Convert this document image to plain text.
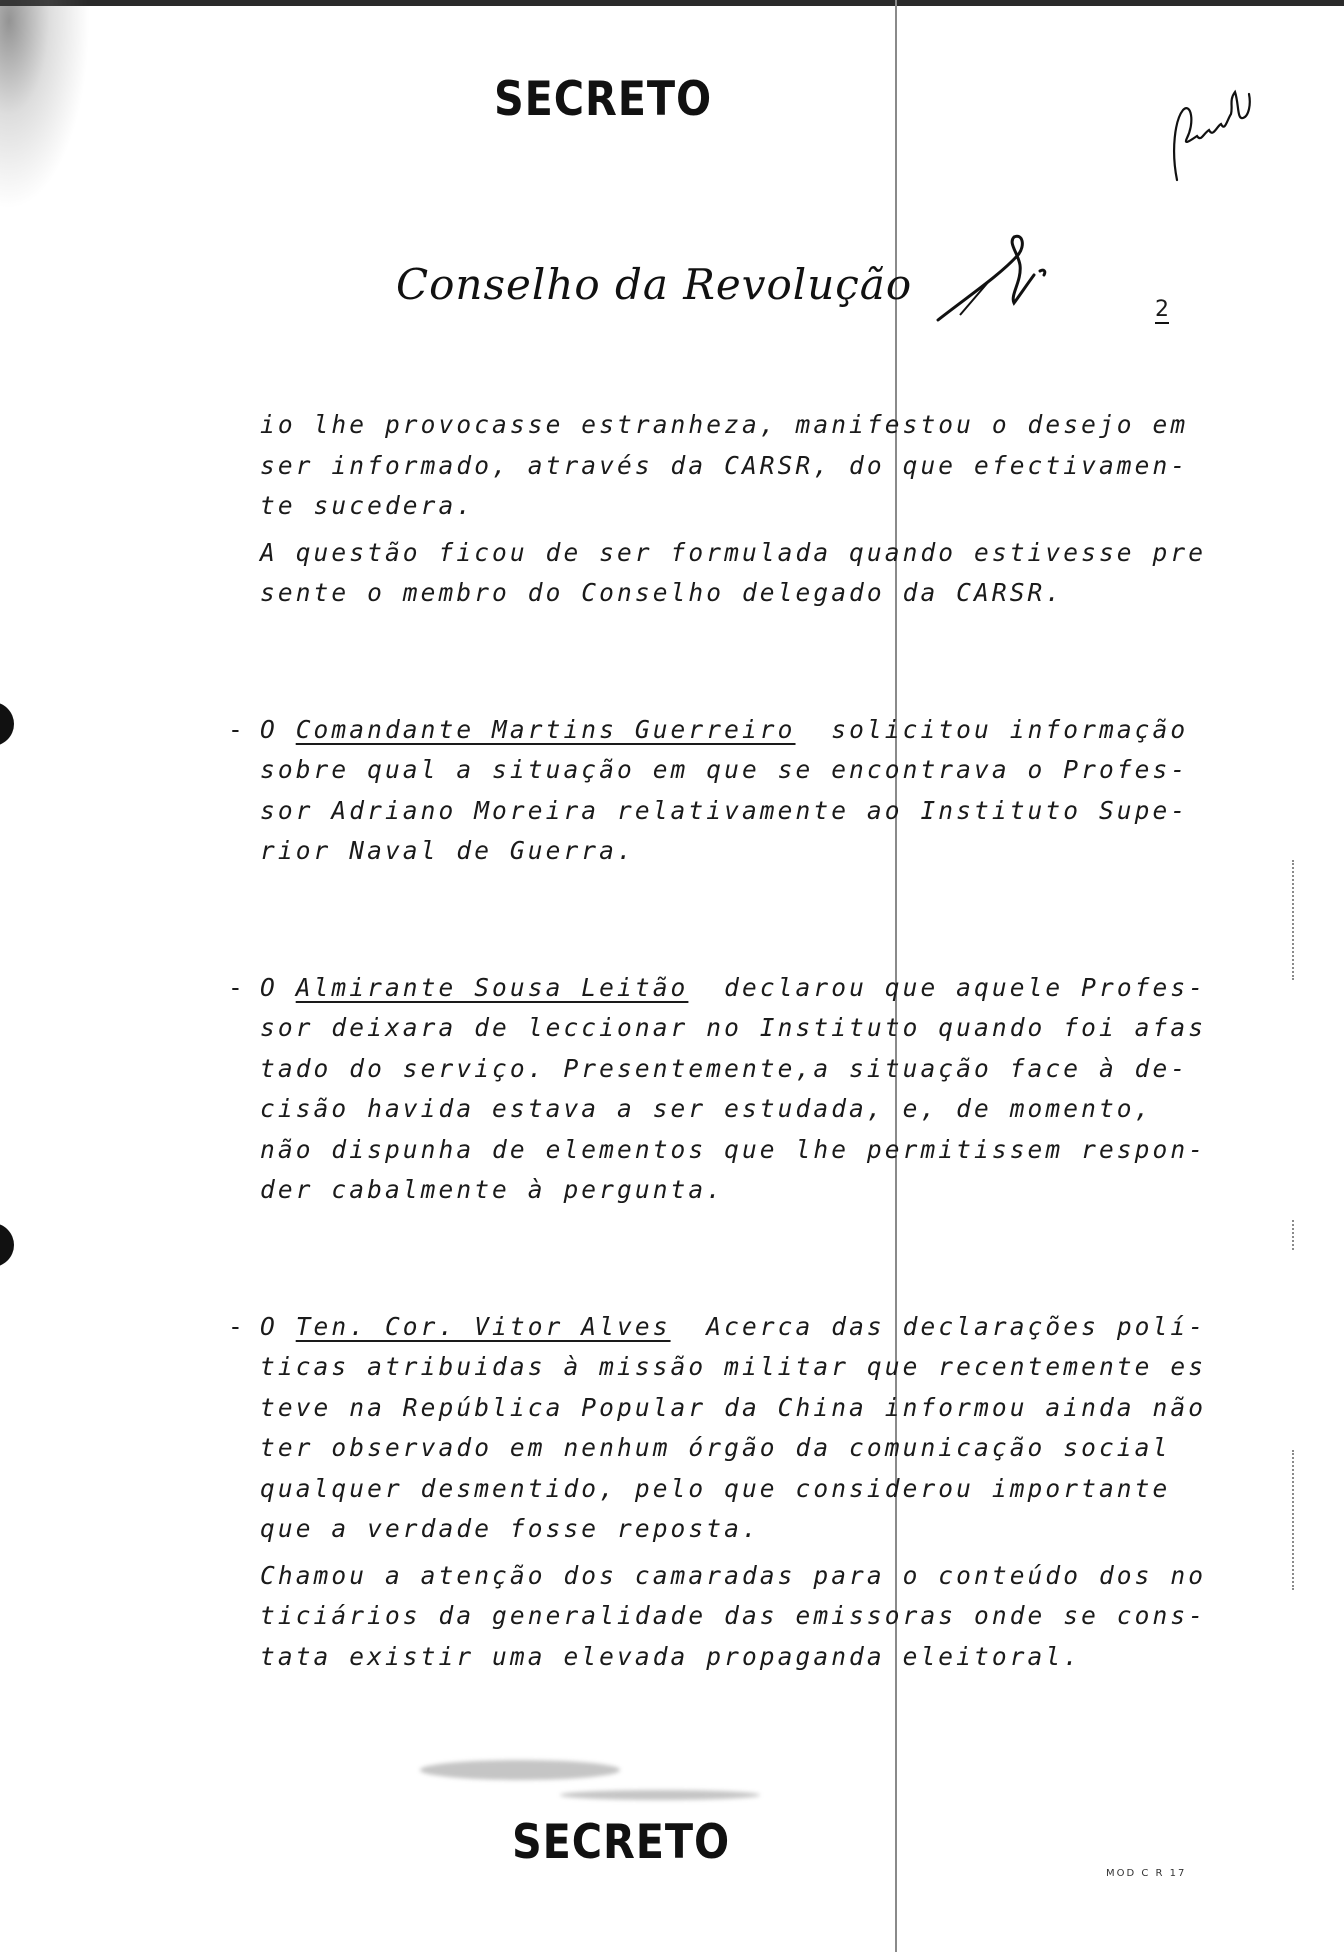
SECRETO
Conselho da Revolução
2
io lhe provocasse estranheza, manifestou o desejo em
ser informado, através da CARSR, do que efectivamen-
te sucedera.
A questão ficou de ser formulada quando estivesse pre
sente o membro do Conselho delegado da CARSR.
- O Comandante Martins Guerreiro  solicitou informação
sobre qual a situação em que se encontrava o Profes-
sor Adriano Moreira relativamente ao Instituto Supe-
rior Naval de Guerra.
- O Almirante Sousa Leitão  declarou que aquele Profes-
sor deixara de leccionar no Instituto quando foi afas
tado do serviço. Presentemente,a situação face à de-
cisão havida estava a ser estudada, e, de momento,
não dispunha de elementos que lhe permitissem respon-
der cabalmente à pergunta.
- O Ten. Cor. Vitor Alves  Acerca das declarações polí-
ticas atribuidas à missão militar que recentemente es
teve na República Popular da China informou ainda não
ter observado em nenhum órgão da comunicação social
qualquer desmentido, pelo que considerou importante
que a verdade fosse reposta.
Chamou a atenção dos camaradas para o conteúdo dos no
ticiários da generalidade das emissoras onde se cons-
tata existir uma elevada propaganda eleitoral.
SECRETO
MOD C R 17
